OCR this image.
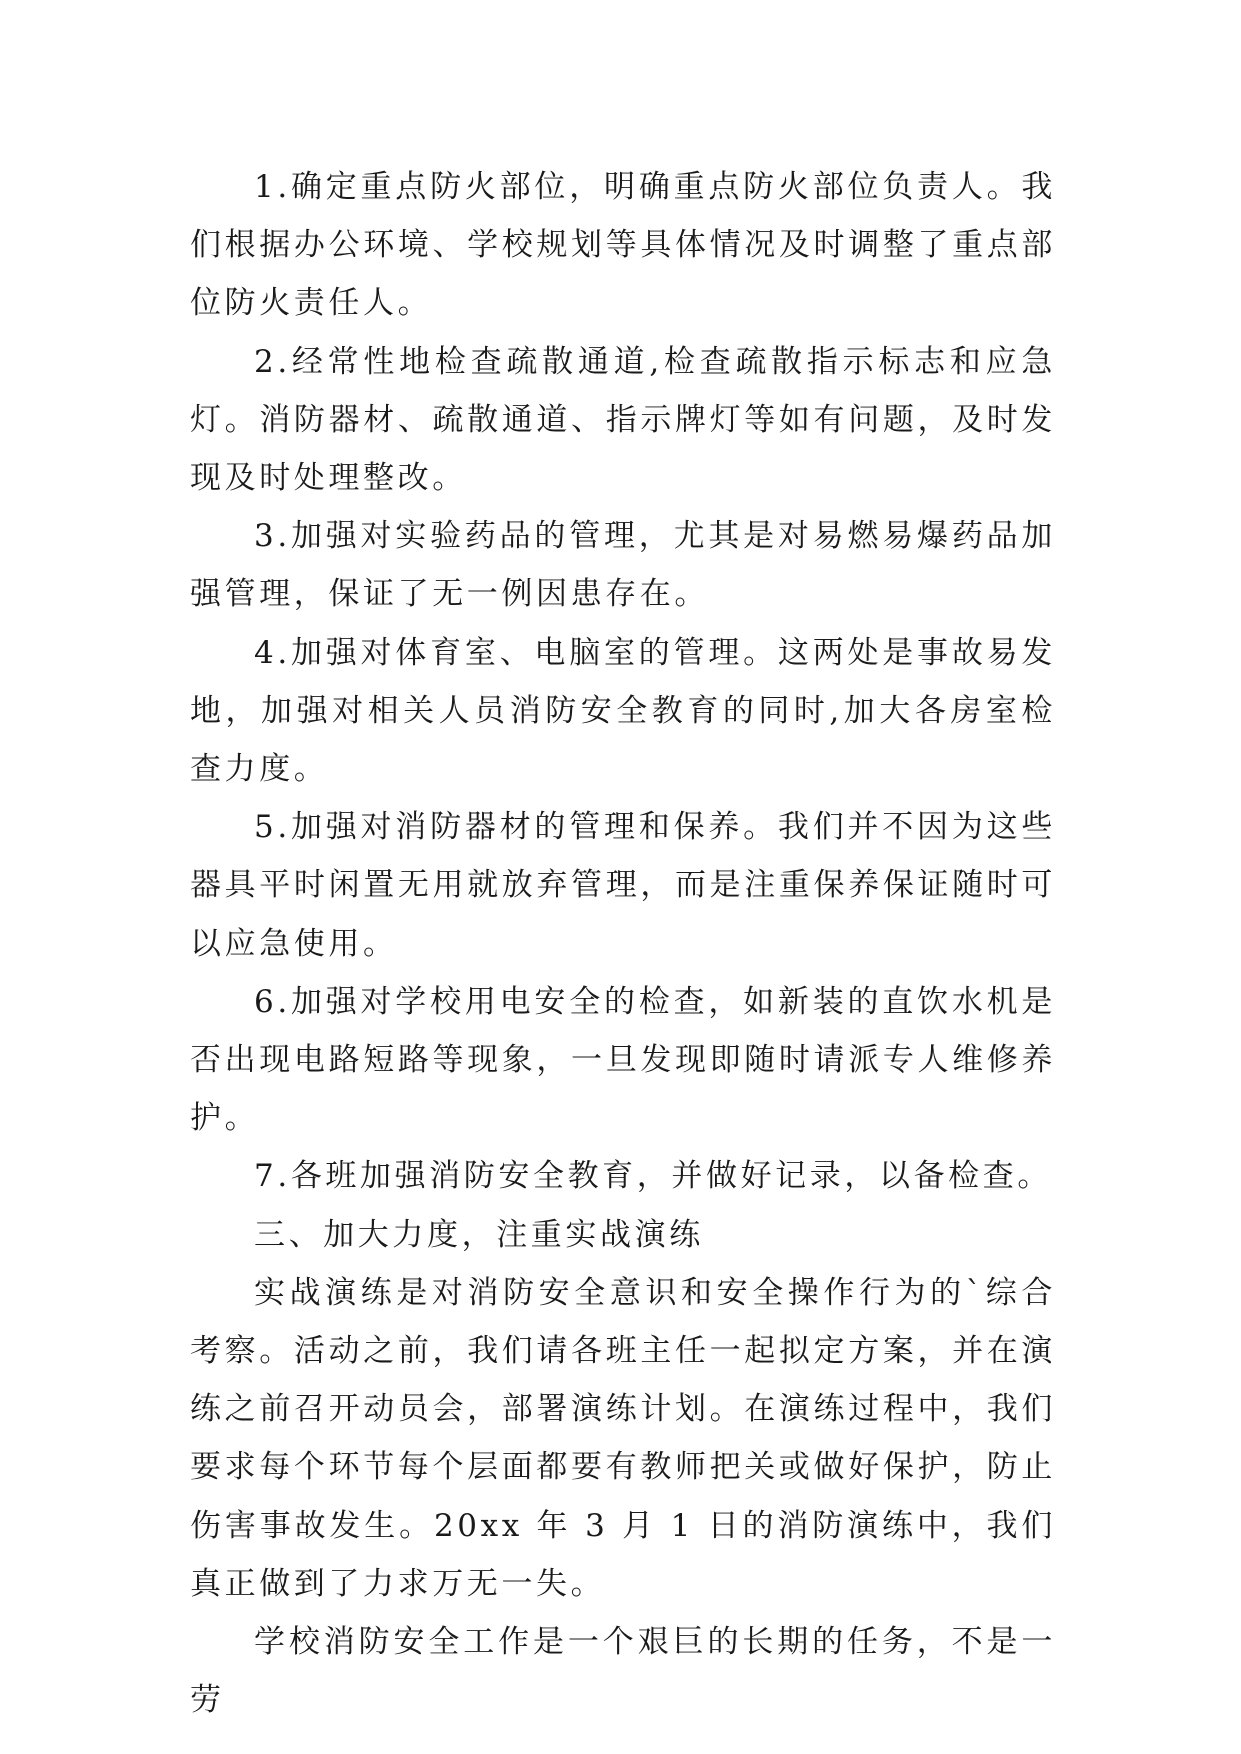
1.确定重点防火部位，明确重点防火部位负责人。我们根据办公环境、学校规划等具体情况及时调整了重点部位防火责任人。

2.经常性地检查疏散通道,检查疏散指示标志和应急灯。消防器材、疏散通道、指示牌灯等如有问题，及时发现及时处理整改。

3.加强对实验药品的管理，尤其是对易燃易爆药品加强管理，保证了无一例因患存在。

4.加强对体育室、电脑室的管理。这两处是事故易发地，加强对相关人员消防安全教育的同时,加大各房室检查力度。

5.加强对消防器材的管理和保养。我们并不因为这些器具平时闲置无用就放弃管理，而是注重保养保证随时可以应急使用。

6.加强对学校用电安全的检查，如新装的直饮水机是否出现电路短路等现象，一旦发现即随时请派专人维修养护。

7.各班加强消防安全教育，并做好记录，以备检查。

三、加大力度，注重实战演练

实战演练是对消防安全意识和安全操作行为的`综合考察。活动之前，我们请各班主任一起拟定方案，并在演练之前召开动员会，部署演练计划。在演练过程中，我们要求每个环节每个层面都要有教师把关或做好保护，防止伤害事故发生。20xx 年 3 月 1 日的消防演练中，我们真正做到了力求万无一失。

学校消防安全工作是一个艰巨的长期的任务，不是一劳
